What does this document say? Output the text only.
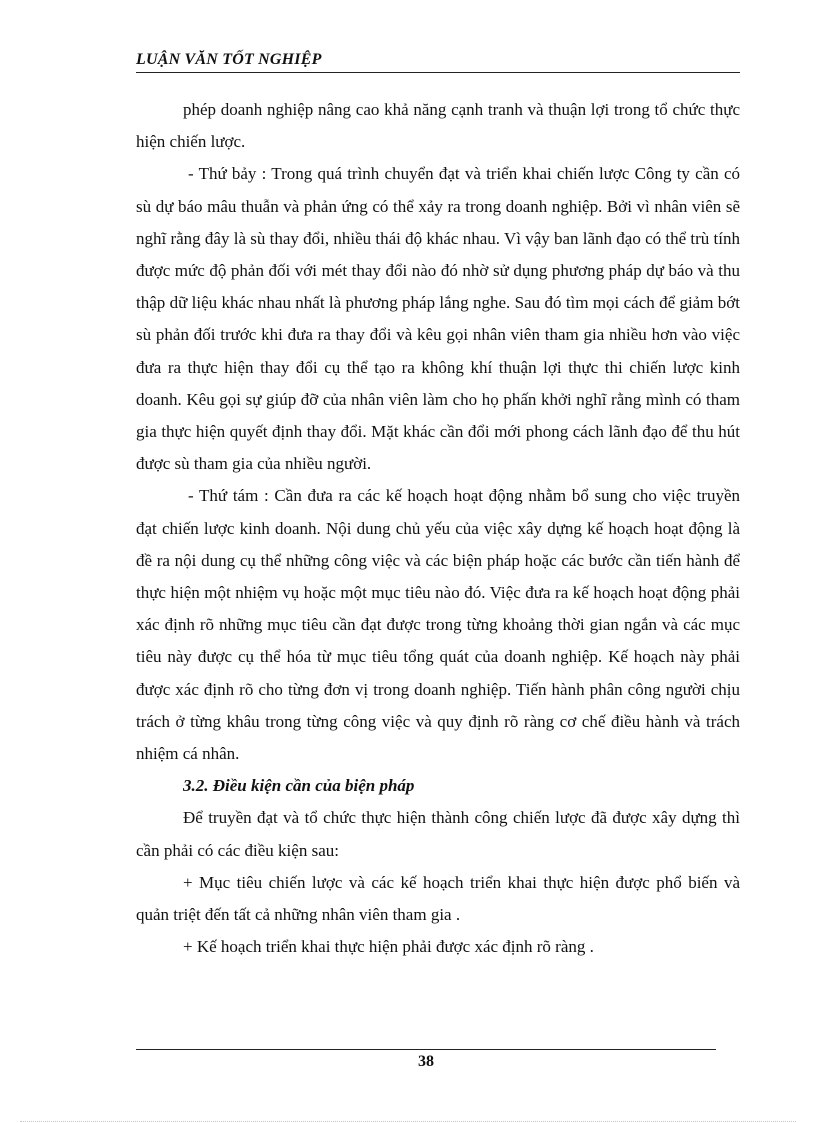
LUẬN VĂN TỐT NGHIỆP

phép doanh nghiệp nâng cao khả năng cạnh tranh và thuận lợi trong tổ chức thực hiện chiến lược.

- Thứ bảy : Trong quá trình chuyển đạt và triển khai chiến lược Công ty cần có sù dự báo mâu thuẫn và phản ứng có thể xảy ra trong doanh nghiệp. Bởi vì nhân viên sẽ nghĩ rằng đây là sù thay đổi, nhiều thái độ khác nhau. Vì vậy ban lãnh đạo có thể trù tính được mức độ phản đối với mét thay đổi nào đó nhờ sử dụng phương pháp dự báo và thu thập dữ liệu khác nhau nhất là phương pháp lắng nghe. Sau đó tìm mọi cách để giảm bớt sù phản đối trước khi đưa ra thay đổi và kêu gọi nhân viên tham gia nhiều hơn vào việc đưa ra thực hiện thay đổi cụ thể tạo ra không khí thuận lợi thực thi chiến lược kinh doanh. Kêu gọi sự giúp đỡ của nhân viên làm cho họ phấn khởi nghĩ rằng mình có tham gia thực hiện quyết định thay đổi. Mặt khác cần đổi mới phong cách lãnh đạo để thu hút được sù tham gia của nhiều người.

- Thứ tám : Cần đưa ra các kế hoạch hoạt động nhằm bổ sung cho việc truyền đạt chiến lược kinh doanh. Nội dung chủ yếu của việc xây dựng kế hoạch hoạt động là đề ra nội dung cụ thể những công việc và các biện pháp hoặc các bước cần tiến hành để thực hiện một nhiệm vụ hoặc một mục tiêu nào đó. Việc đưa ra kế hoạch hoạt động phải xác định rõ những mục tiêu cần đạt được trong từng khoảng thời gian ngắn và các mục tiêu này được cụ thể hóa từ mục tiêu tổng quát của doanh nghiệp. Kế hoạch này phải được xác định rõ cho từng đơn vị trong doanh nghiệp. Tiến hành phân công người chịu trách ở từng khâu trong từng công việc và quy định rõ ràng cơ chế điều hành và trách nhiệm cá nhân.

3.2. Điều kiện cần của biện pháp

Để truyền đạt và tổ chức thực hiện thành công chiến lược đã được xây dựng thì cần phải có các điều kiện sau:

+ Mục tiêu chiến lược và các kế hoạch triển khai thực hiện được phổ biến và quản triệt đến tất cả những nhân viên tham gia .

+ Kế hoạch triển khai thực hiện phải được xác định rõ ràng .

38
